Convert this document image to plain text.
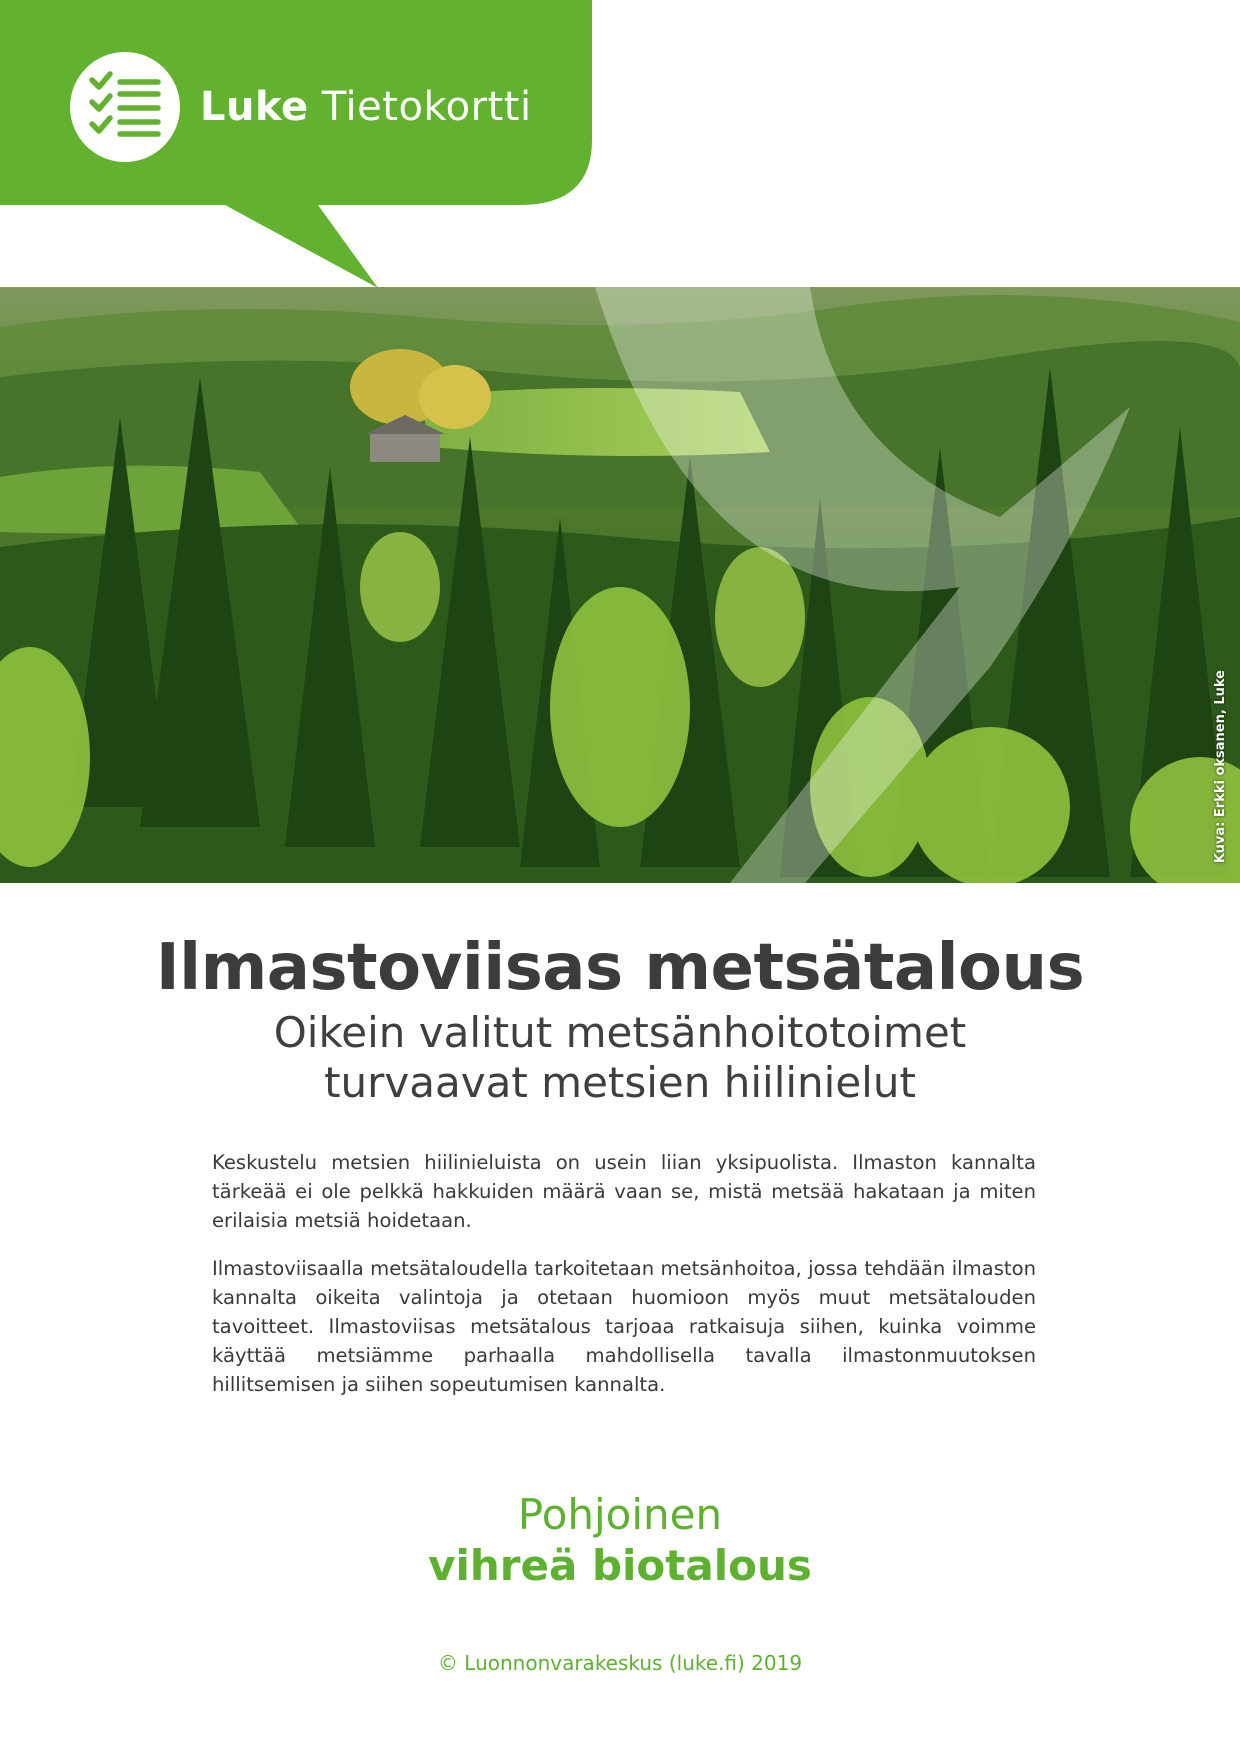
Luke Tietokortti
Kuva: Erkki oksanen, Luke
Ilmastoviisas metsätalous
Oikein valitut metsänhoitotoimet
turvaavat metsien hiilinielut

Keskustelu metsien hiilinieluista on usein liian yksipuolista. Ilmaston kannalta tärkeää ei ole pelkkä hakkuiden määrä vaan se, mistä metsää hakataan ja miten erilaisia metsiä hoidetaan.

Ilmastoviisaalla metsätaloudella tarkoitetaan metsänhoitoa, jossa tehdään ilmaston kannalta oikeita valintoja ja otetaan huomioon myös muut metsätalouden tavoitteet. Ilmastoviisas metsätalous tarjoaa ratkaisuja siihen, kuinka voimme käyttää metsiämme parhaalla mahdollisella tavalla ilmastonmuutoksen hillitsemisen ja siihen sopeutumisen kannalta.

Pohjoinen
vihreä biotalous
© Luonnonvarakeskus (luke.fi) 2019
